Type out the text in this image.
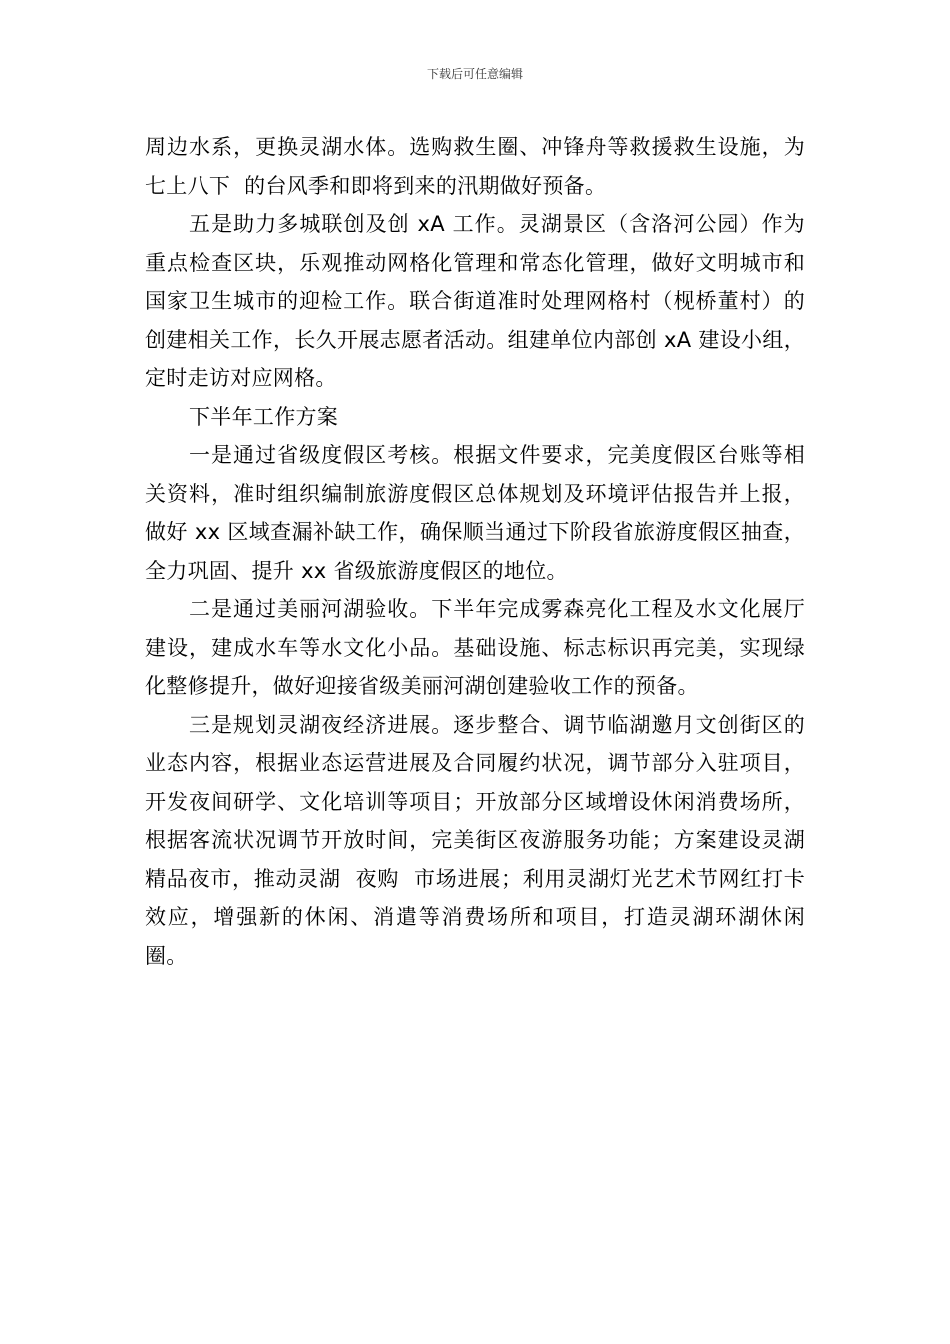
下载后可任意编辑

周边水系，更换灵湖水体。选购救生圈、冲锋舟等救援救生设施，为  七上八下  的台风季和即将到来的汛期做好预备。

五是助力多城联创及创 xA 工作。灵湖景区（含洛河公园）作为重点检查区块，乐观推动网格化管理和常态化管理，做好文明城市和国家卫生城市的迎检工作。联合街道准时处理网格村（枧桥董村）的创建相关工作，长久开展志愿者活动。组建单位内部创 xA 建设小组，定时走访对应网格。

下半年工作方案

一是通过省级度假区考核。根据文件要求，完美度假区台账等相关资料，准时组织编制旅游度假区总体规划及环境评估报告并上报，做好 xx 区域查漏补缺工作，确保顺当通过下阶段省旅游度假区抽查，全力巩固、提升 xx 省级旅游度假区的地位。

二是通过美丽河湖验收。下半年完成雾森亮化工程及水文化展厅建设，建成水车等水文化小品。基础设施、标志标识再完美，实现绿化整修提升，做好迎接省级美丽河湖创建验收工作的预备。

三是规划灵湖夜经济进展。逐步整合、调节临湖邀月文创街区的业态内容，根据业态运营进展及合同履约状况，调节部分入驻项目，开发夜间研学、文化培训等项目；开放部分区域增设休闲消费场所，根据客流状况调节开放时间，完美街区夜游服务功能；方案建设灵湖精品夜市，推动灵湖  夜购  市场进展；利用灵湖灯光艺术节网红打卡效应，增强新的休闲、消遣等消费场所和项目，打造灵湖环湖休闲圈。
